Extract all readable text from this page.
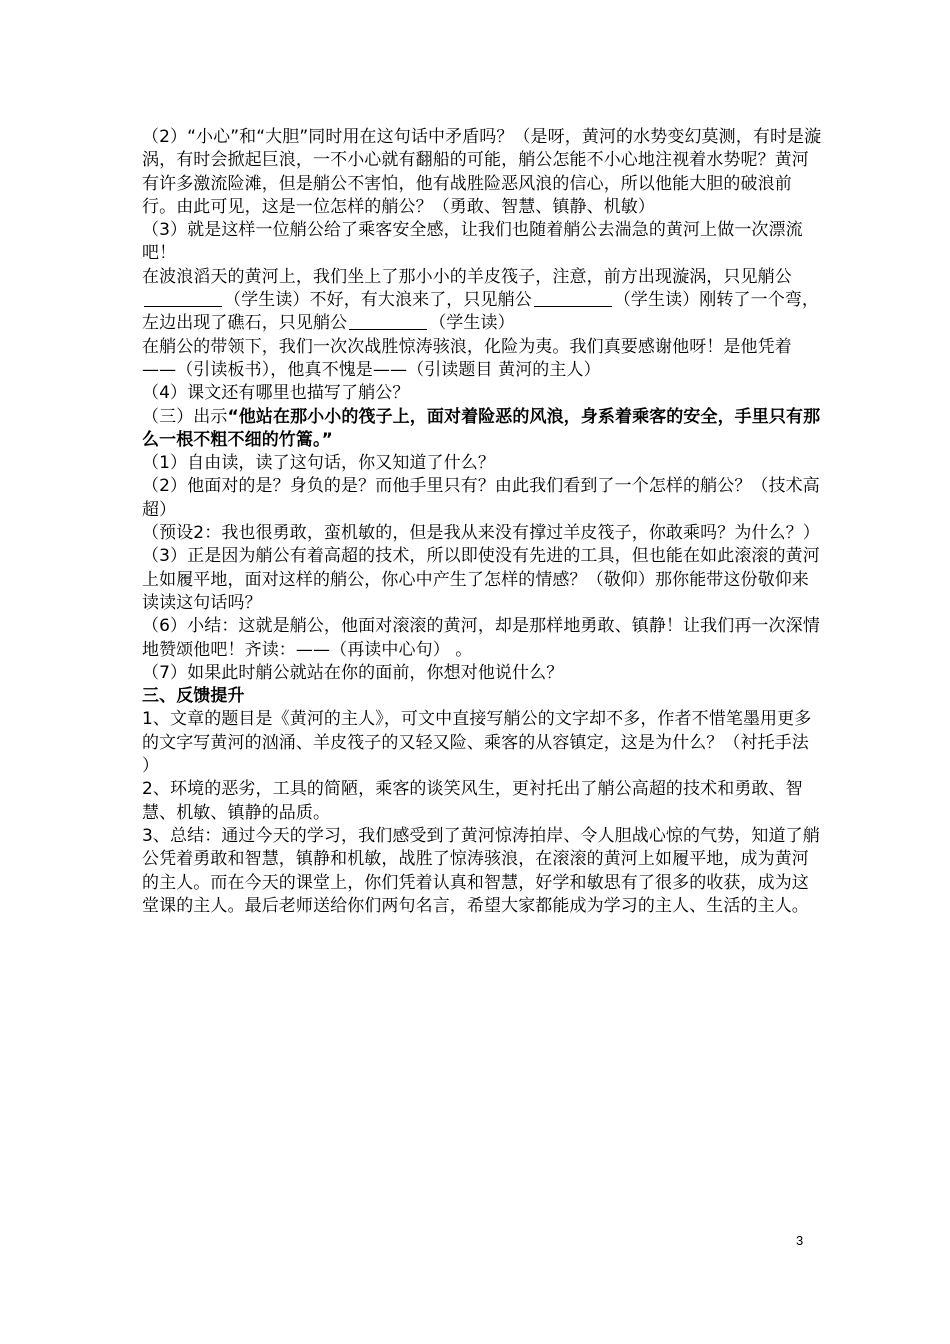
（2）“小心”和“大胆”同时用在这句话中矛盾吗？（是呀，黄河的水势变幻莫测，有时是漩涡，有时会掀起巨浪，一不小心就有翻船的可能，艄公怎能不小心地注视着水势呢？黄河有许多激流险滩，但是艄公不害怕，他有战胜险恶风浪的信心，所以他能大胆的破浪前行。由此可见，这是一位怎样的艄公？（勇敢、智慧、镇静、机敏）

（3）就是这样一位艄公给了乘客安全感，让我们也随着艄公去湍急的黄河上做一次漂流吧！

在波浪滔天的黄河上，我们坐上了那小小的羊皮筏子，注意，前方出现漩涡，只见艄公（学生读）不好，有大浪来了，只见艄公	（学生读）刚转了一个弯，左边出现了礁石，只见艄公	（学生读）

在艄公的带领下，我们一次次战胜惊涛骇浪，化险为夷。我们真要感谢他呀！是他凭着——（引读板书），他真不愧是——（引读题目 黄河的主人）

（4）课文还有哪里也描写了艄公？

（三）出示“他站在那小小的筏子上，面对着险恶的风浪，身系着乘客的安全，手里只有那么一根不粗不细的竹篙。”

（1）自由读，读了这句话，你又知道了什么？

（2）他面对的是？身负的是？而他手里只有？由此我们看到了一个怎样的艄公？（技术高超）

（预设2：我也很勇敢，蛮机敏的，但是我从来没有撑过羊皮筏子，你敢乘吗？为什么？）

（3）正是因为艄公有着高超的技术，所以即使没有先进的工具，但也能在如此滚滚的黄河上如履平地，面对这样的艄公，你心中产生了怎样的情感？（敬仰）那你能带这份敬仰来读读这句话吗？

（6）小结：这就是艄公，他面对滚滚的黄河，却是那样地勇敢、镇静！让我们再一次深情地赞颂他吧！齐读：——（再读中心句） 。

（7）如果此时艄公就站在你的面前，你想对他说什么？

三、反馈提升

1、文章的题目是《黄河的主人》，可文中直接写艄公的文字却不多，作者不惜笔墨用更多的文字写黄河的汹涌、羊皮筏子的又轻又险、乘客的从容镇定，这是为什么？（衬托手法 ）

2、环境的恶劣，工具的简陋，乘客的谈笑风生，更衬托出了艄公高超的技术和勇敢、智慧、机敏、镇静的品质。

3、总结：通过今天的学习，我们感受到了黄河惊涛拍岸、令人胆战心惊的气势，知道了艄公凭着勇敢和智慧，镇静和机敏，战胜了惊涛骇浪，在滚滚的黄河上如履平地，成为黄河的主人。而在今天的课堂上，你们凭着认真和智慧，好学和敏思有了很多的收获，成为这堂课的主人。最后老师送给你们两句名言，希望大家都能成为学习的主人、生活的主人。

3
